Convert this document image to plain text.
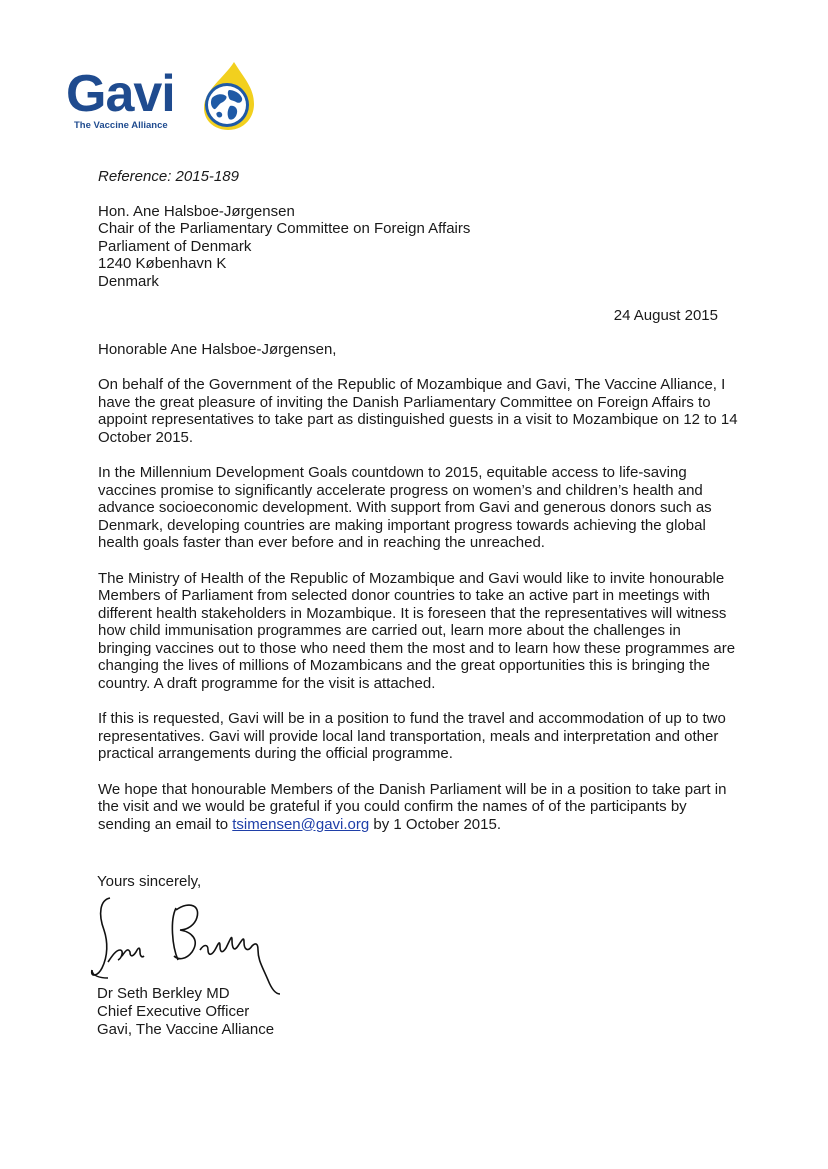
Gavi
The Vaccine Alliance
Reference: 2015-189
Hon. Ane Halsboe-Jørgensen
Chair of the Parliamentary Committee on Foreign Affairs
Parliament of Denmark
1240 København K
Denmark
24 August 2015
Honorable Ane Halsboe-Jørgensen,

On behalf of the Government of the Republic of Mozambique and Gavi, The Vaccine Alliance, I have the great pleasure of inviting the Danish Parliamentary Committee on Foreign Affairs to appoint representatives to take part as distinguished guests in a visit to Mozambique on 12 to 14 October 2015.

In the Millennium Development Goals countdown to 2015, equitable access to life-saving vaccines promise to significantly accelerate progress on women’s and children’s health and advance socioeconomic development. With support from Gavi and generous donors such as Denmark, developing countries are making important progress towards achieving the global health goals faster than ever before and in reaching the unreached.

The Ministry of Health of the Republic of Mozambique and Gavi would like to invite honourable Members of Parliament from selected donor countries to take an active part in meetings with different health stakeholders in Mozambique. It is foreseen that the representatives will witness how child immunisation programmes are carried out, learn more about the challenges in bringing vaccines out to those who need them the most and to learn how these programmes are changing the lives of millions of Mozambicans and the great opportunities this is bringing the country. A draft programme for the visit is attached.

If this is requested, Gavi will be in a position to fund the travel and accommodation of up to two representatives. Gavi will provide local land transportation, meals and interpretation and other practical arrangements during the official programme.

We hope that honourable Members of the Danish Parliament will be in a position to take part in the visit and we would be grateful if you could confirm the names of of the participants by sending an email to tsimensen@gavi.org by 1 October 2015.

Yours sincerely,
Dr Seth Berkley MD
Chief Executive Officer
Gavi, The Vaccine Alliance
